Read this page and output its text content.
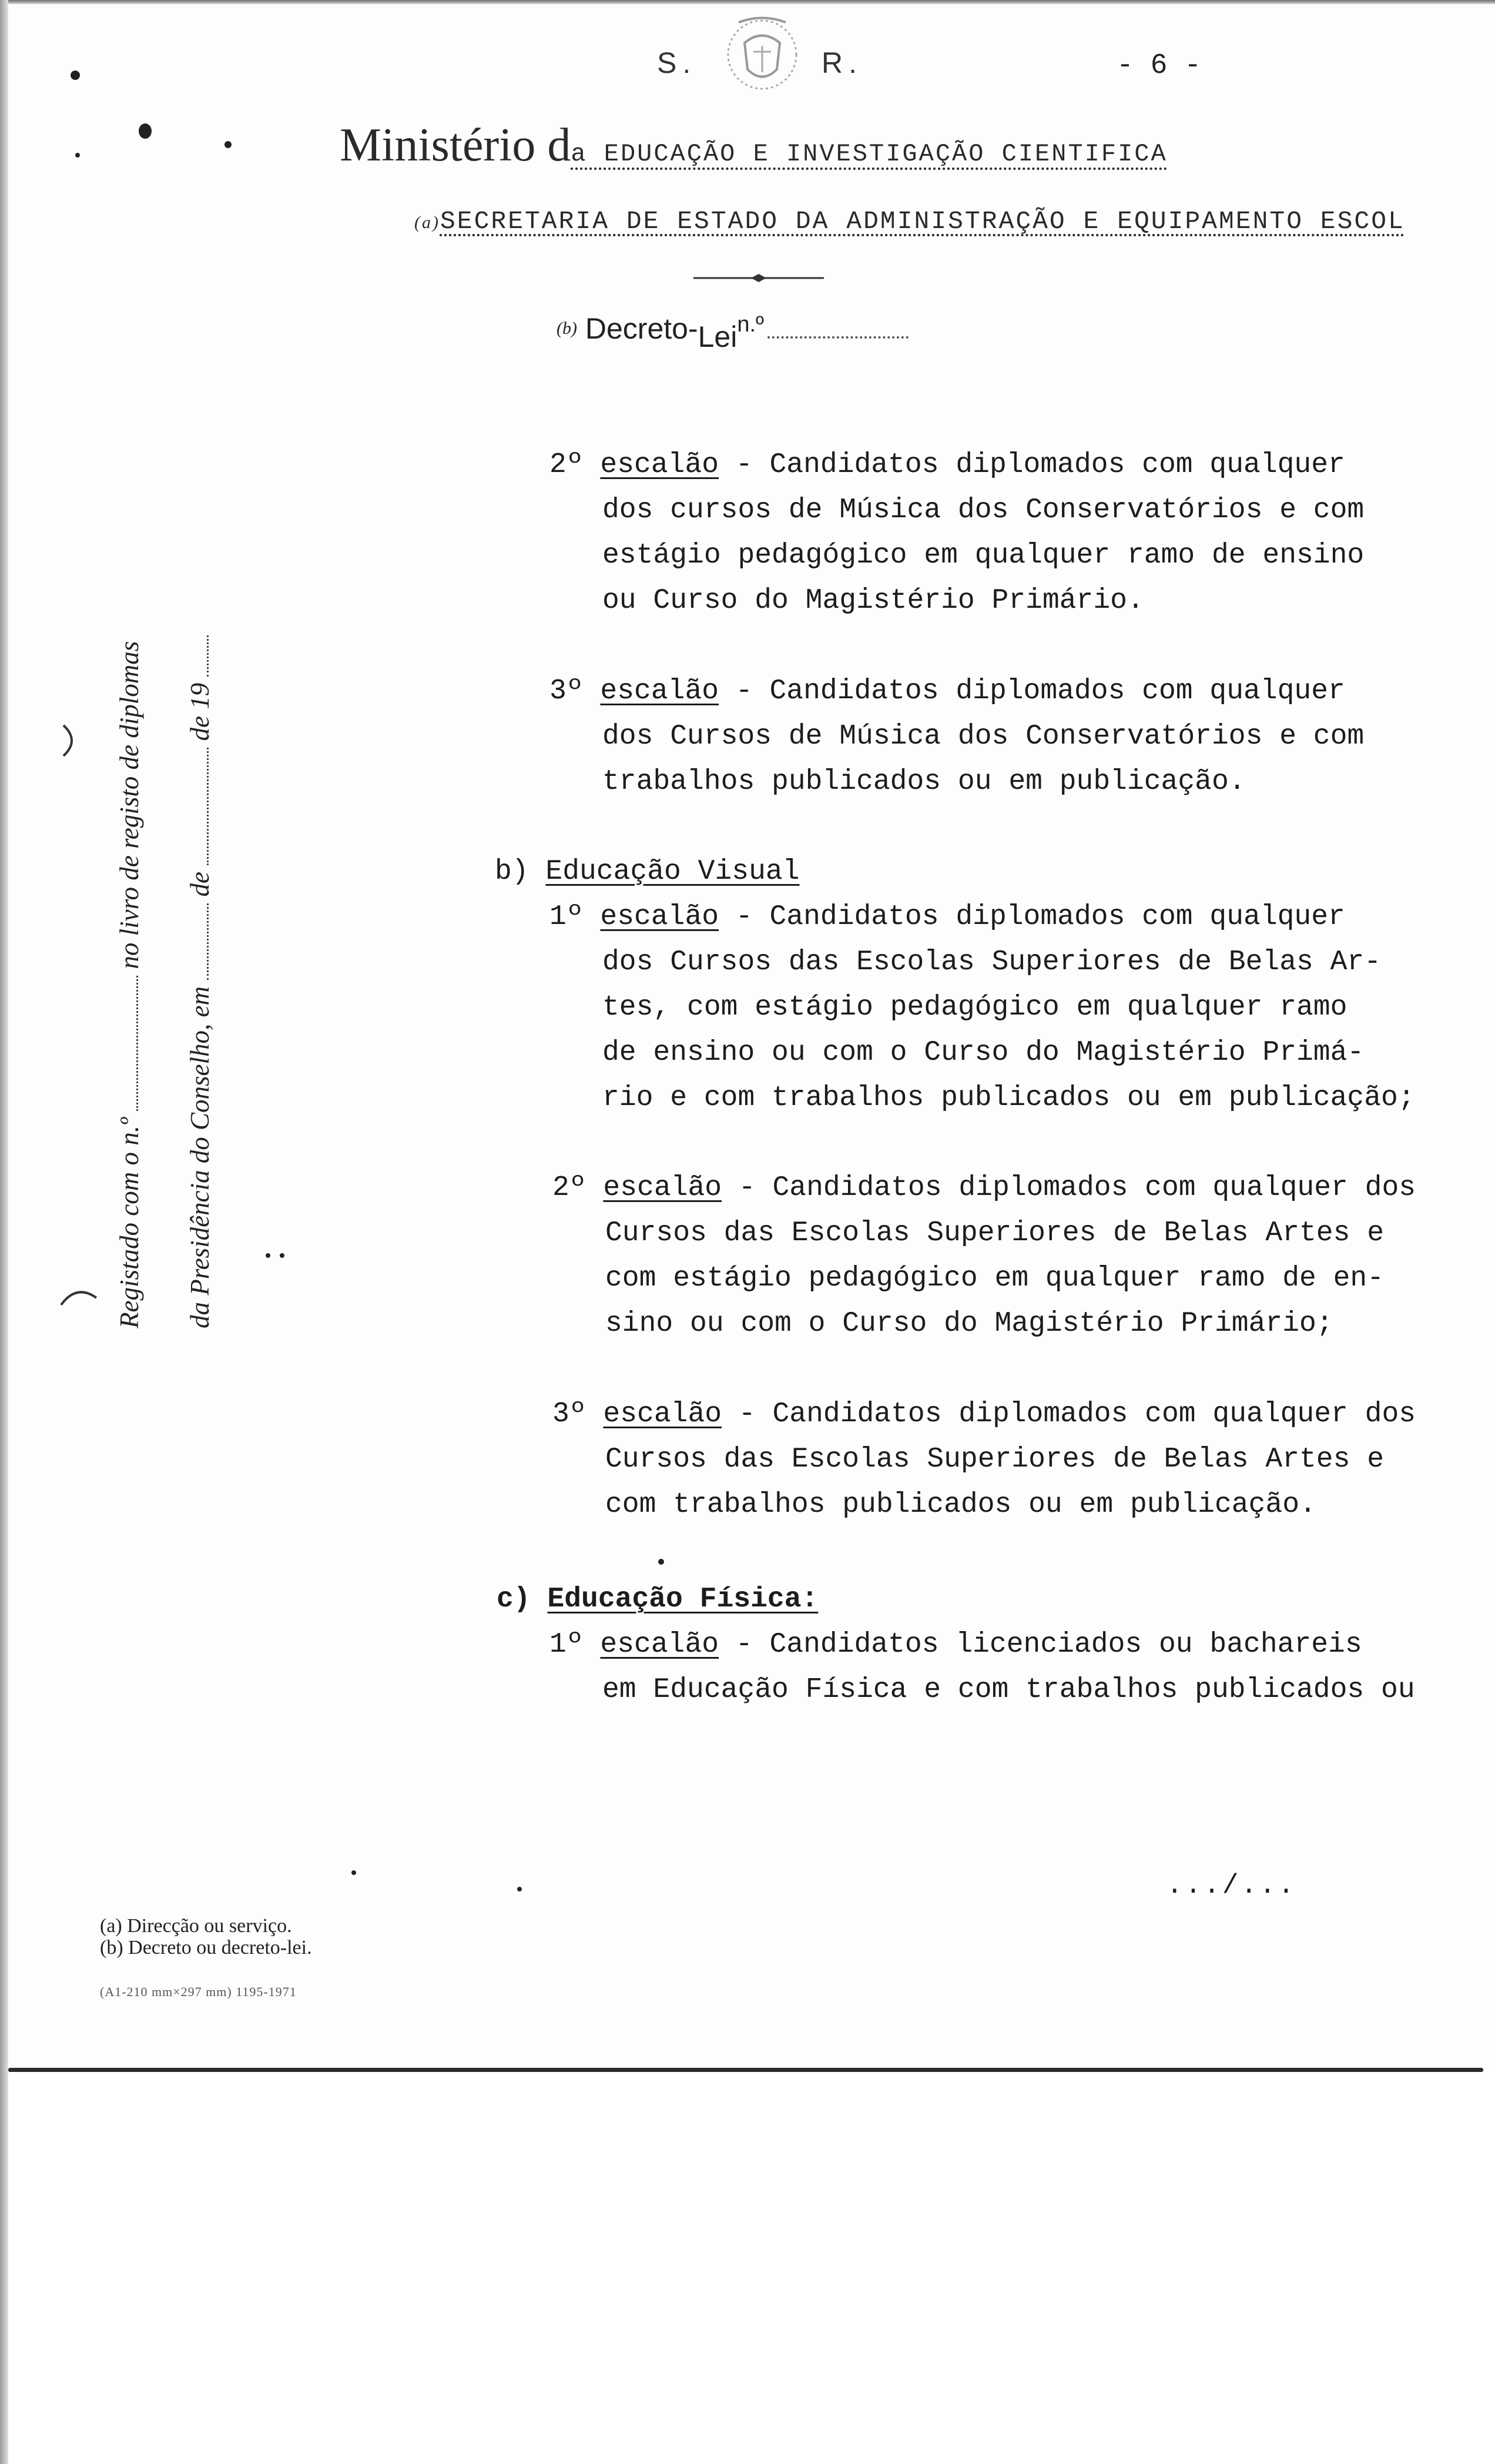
S.	R.	- 6 -
Ministério da EDUCAÇÃO E INVESTIGAÇÃO CIENTIFICA
(a)SECRETARIA DE ESTADO DA ADMINISTRAÇÃO E EQUIPAMENTO ESCOL
(b) Decreto-Lei$^{n.º}$
Registado com o n.º  no livro de registo de diplomas
da Presidência do Conselho, em  de  de 19
2º escalão - Candidatos diplomados com qualquer
dos cursos de Música dos Conservatórios e com
estágio pedagógico em qualquer ramo de ensino
ou Curso do Magistério Primário.
3º escalão - Candidatos diplomados com qualquer
dos Cursos de Música dos Conservatórios e com
trabalhos publicados ou em publicação.
b) Educação Visual
1º escalão - Candidatos diplomados com qualquer
dos Cursos das Escolas Superiores de Belas Ar-
tes, com estágio pedagógico em qualquer ramo
de ensino ou com o Curso do Magistério Primá-
rio e com trabalhos publicados ou em publicação;
2º escalão - Candidatos diplomados com qualquer dos
Cursos das Escolas Superiores de Belas Artes e
com estágio pedagógico em qualquer ramo de en-
sino ou com o Curso do Magistério Primário;
3º escalão - Candidatos diplomados com qualquer dos
Cursos das Escolas Superiores de Belas Artes e
com trabalhos publicados ou em publicação.
c) Educação Física:
1º escalão - Candidatos licenciados ou bachareis
em Educação Física e com trabalhos publicados ou
.../...
(a) Direcção ou serviço.
(b) Decreto ou decreto-lei.
(A1-210 mm×297 mm) 1195-1971
